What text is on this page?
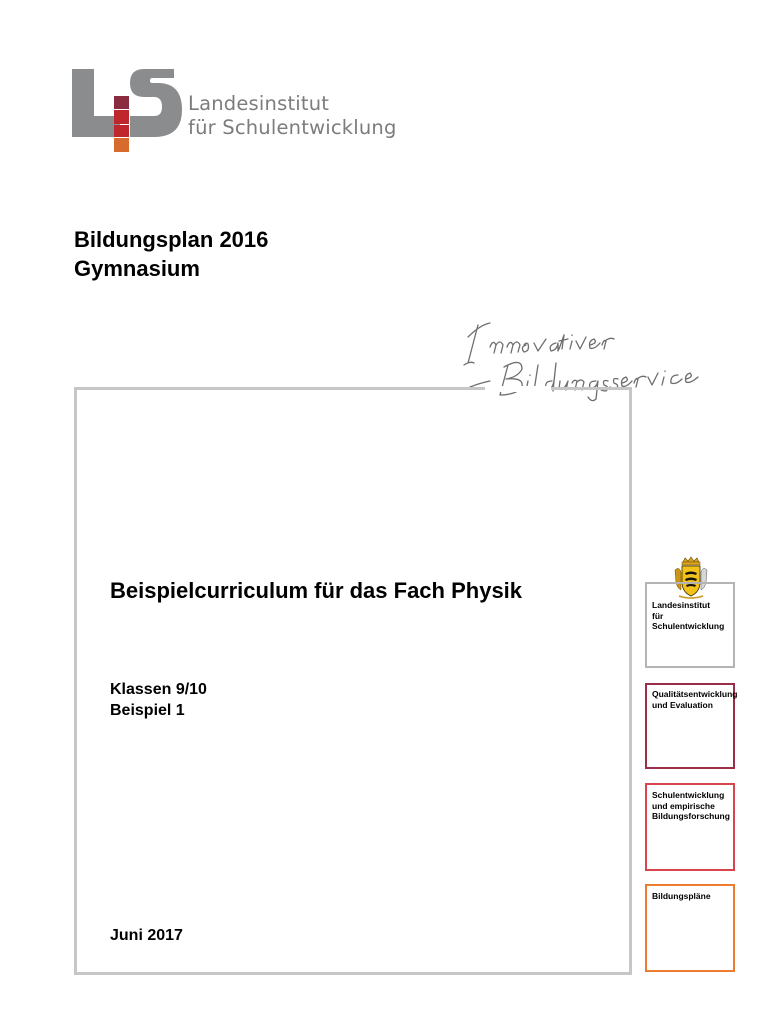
Landesinstitut
für Schulentwicklung
Bildungsplan 2016
Gymnasium
Beispielcurriculum für das Fach Physik
Klassen 9/10
Beispiel 1
Juni 2017
Landesinstitut
für Schulentwicklung
Qualitätsentwicklung
und Evaluation
Schulentwicklung
und empirische
Bildungsforschung
Bildungspläne
